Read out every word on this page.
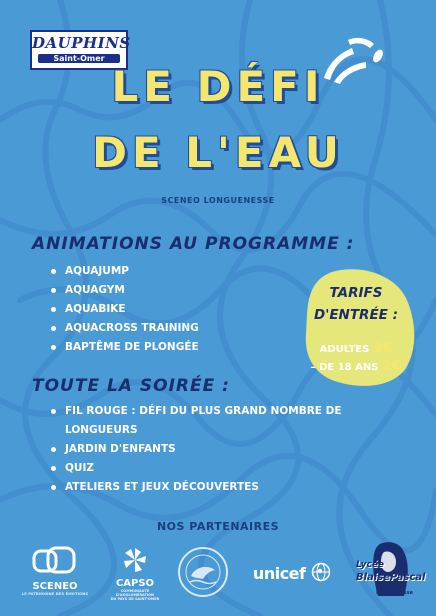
DAUPHINS
Saint-Omer
LE DÉFI
DE L'EAU
SCENEO LONGUENESSE
ANIMATIONS AU PROGRAMME :
AQUAJUMP
AQUAGYM
AQUABIKE
AQUACROSS TRAINING
BAPTÊME DE PLONGÉE
TARIFS
D'ENTRÉE :
ADULTES 3€
– DE 18 ANS 2€
TOUTE LA SOIRÉE :
FIL ROUGE : DÉFI DU PLUS GRAND NOMBRE DE LONGUEURS
JARDIN D'ENFANTS
QUIZ
ATELIERS ET JEUX DÉCOUVERTES
NOS PARTENAIRES
SCENEO
LE PATRIMOINE DES ÉMOTIONS
CAPSO
COMMUNAUTÉ D'AGGLOMÉRATION
DU PAYS DE SAINT-OMER
unicef	Lycée
BlaisePascal
Longuenesse
